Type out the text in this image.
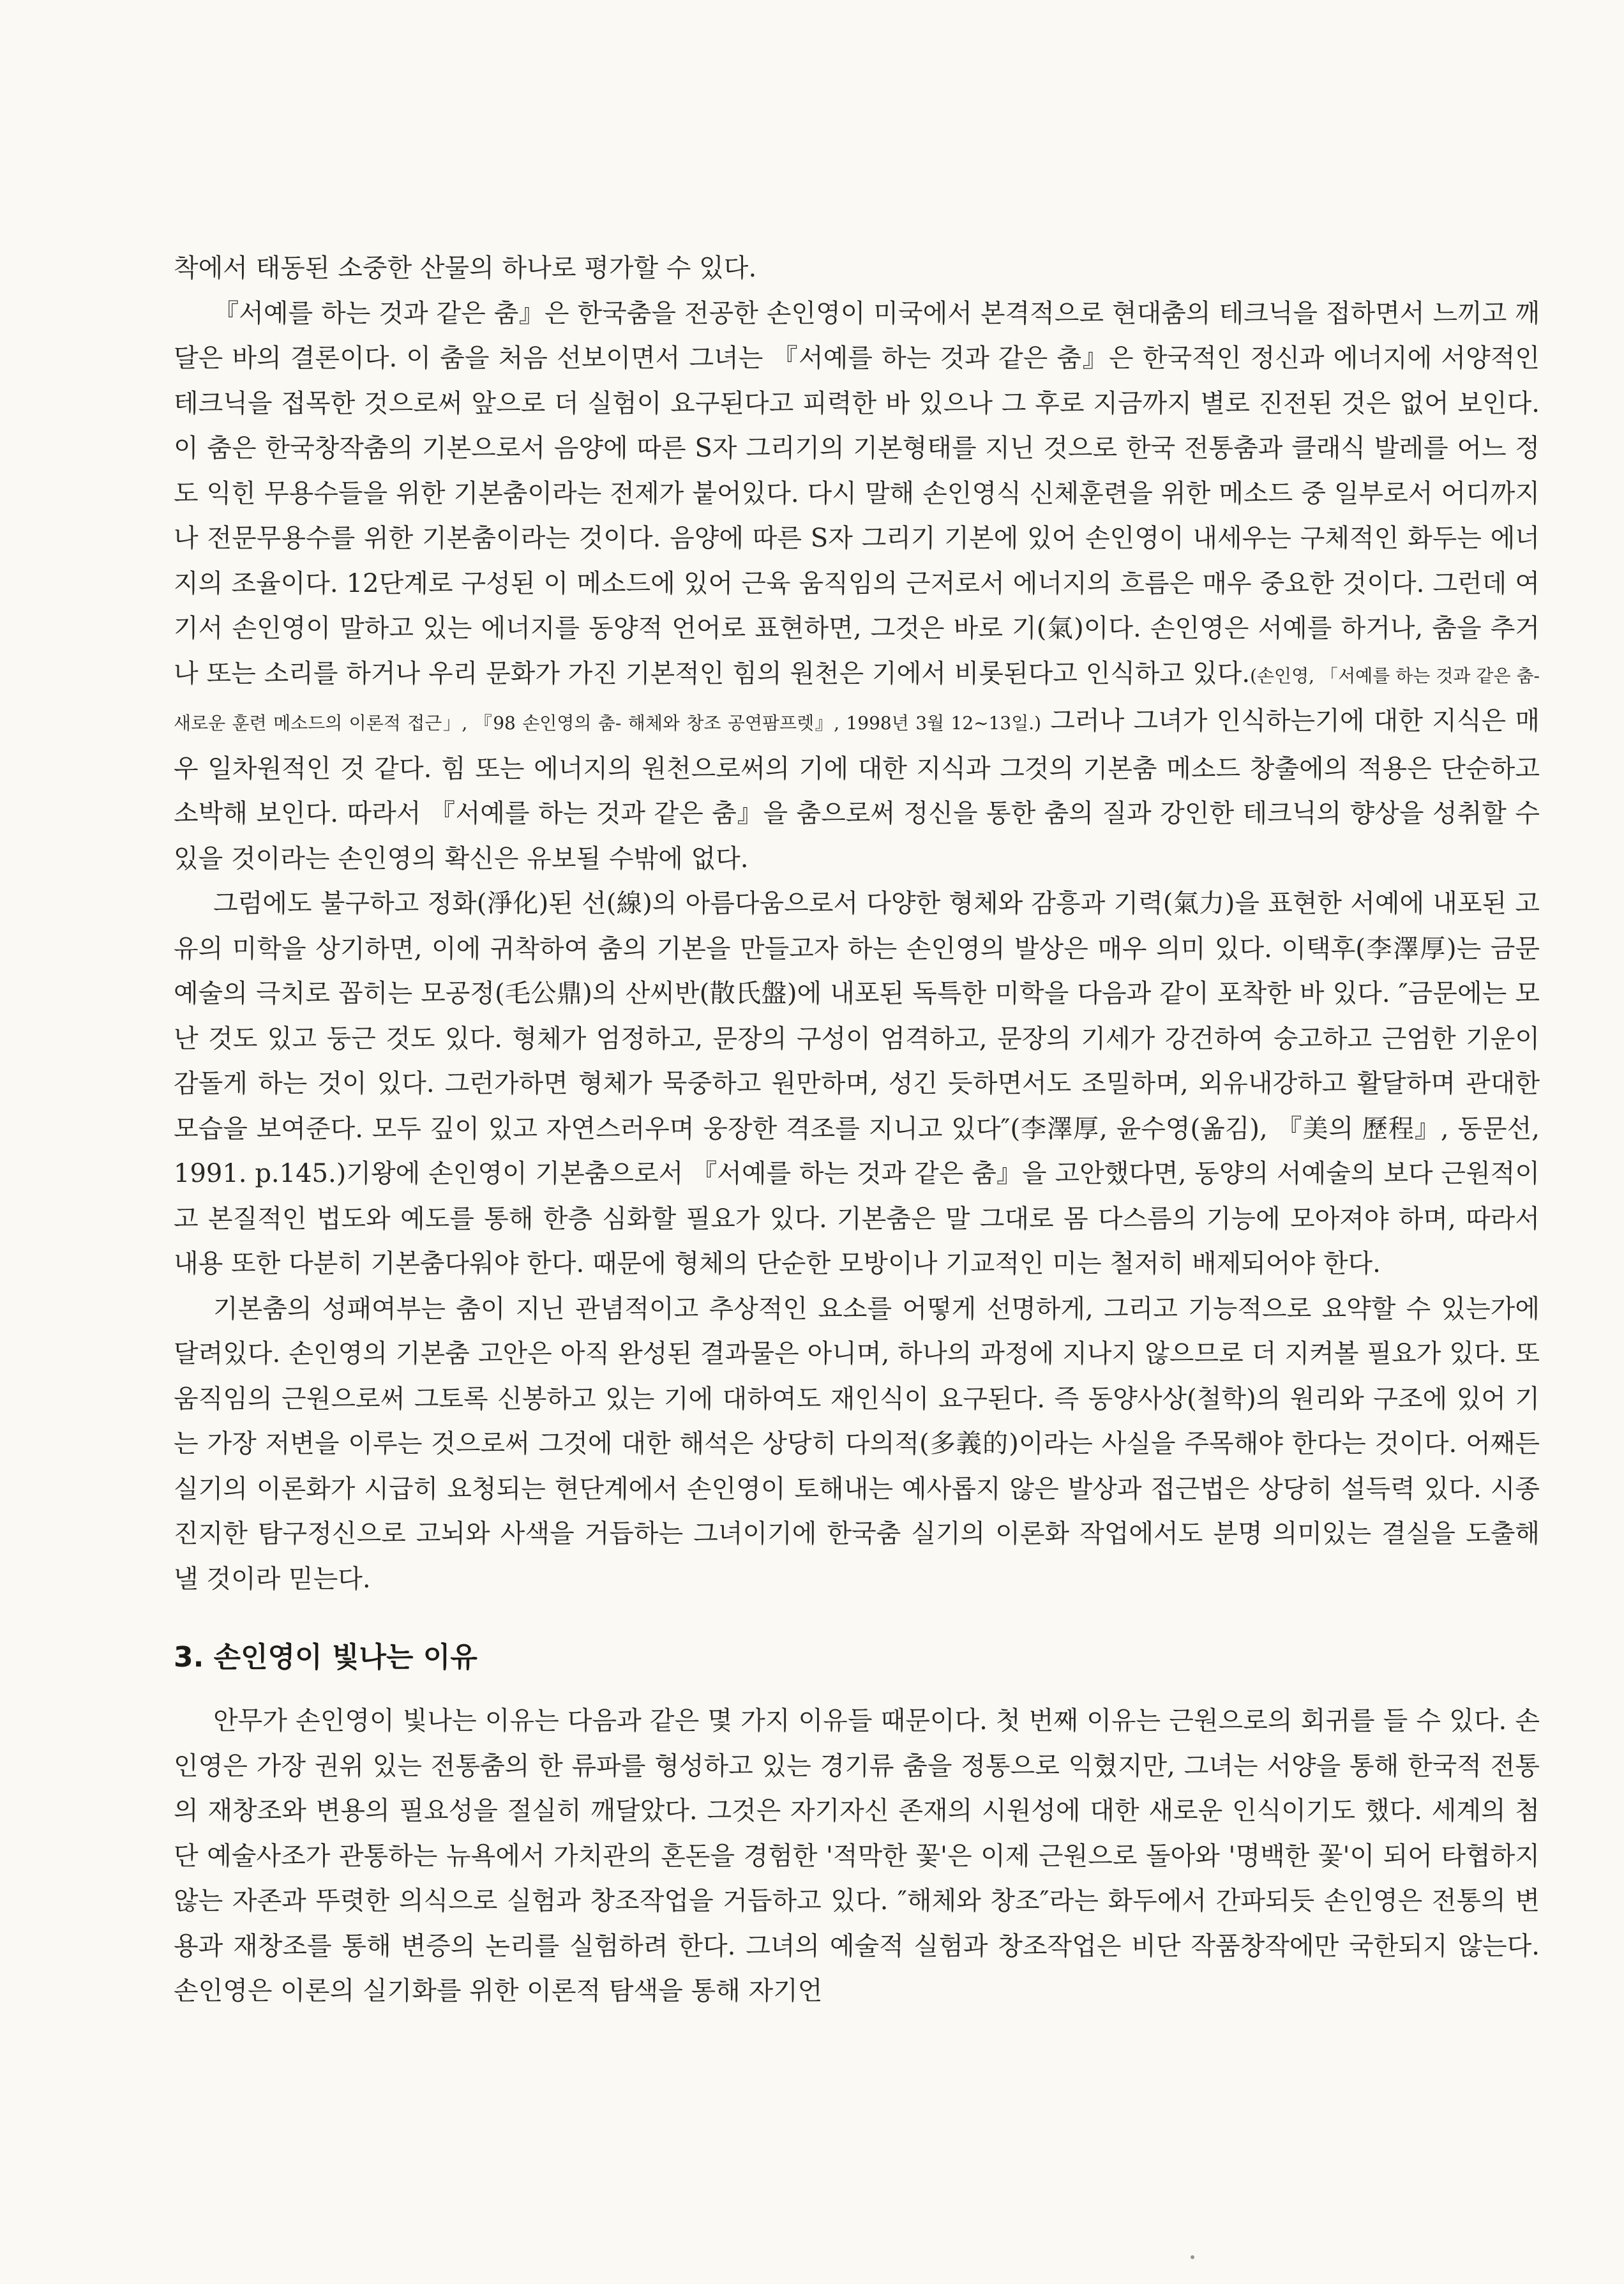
착에서 태동된 소중한 산물의 하나로 평가할 수 있다.

『서예를 하는 것과 같은 춤』은 한국춤을 전공한 손인영이 미국에서 본격적으로 현대춤의 테크닉을 접하면서 느끼고 깨달은 바의 결론이다. 이 춤을 처음 선보이면서 그녀는 『서예를 하는 것과 같은 춤』은 한국적인 정신과 에너지에 서양적인 테크닉을 접목한 것으로써 앞으로 더 실험이 요구된다고 피력한 바 있으나 그 후로 지금까지 별로 진전된 것은 없어 보인다. 이 춤은 한국창작춤의 기본으로서 음양에 따른 S자 그리기의 기본형태를 지닌 것으로 한국 전통춤과 클래식 발레를 어느 정도 익힌 무용수들을 위한 기본춤이라는 전제가 붙어있다. 다시 말해 손인영식 신체훈련을 위한 메소드 중 일부로서 어디까지나 전문무용수를 위한 기본춤이라는 것이다. 음양에 따른 S자 그리기 기본에 있어 손인영이 내세우는 구체적인 화두는 에너지의 조율이다. 12단계로 구성된 이 메소드에 있어 근육 움직임의 근저로서 에너지의 흐름은 매우 중요한 것이다. 그런데 여기서 손인영이 말하고 있는 에너지를 동양적 언어로 표현하면, 그것은 바로 기(氣)이다. 손인영은 서예를 하거나, 춤을 추거나 또는 소리를 하거나 우리 문화가 가진 기본적인 힘의 원천은 기에서 비롯된다고 인식하고 있다.(손인영, 「서예를 하는 것과 같은 춤-새로운 훈련 메소드의 이론적 접근」, 『98 손인영의 춤- 해체와 창조 공연팜프렛』, 1998년 3월 12~13일.) 그러나 그녀가 인식하는기에 대한 지식은 매우 일차원적인 것 같다. 힘 또는 에너지의 원천으로써의 기에 대한 지식과 그것의 기본춤 메소드 창출에의 적용은 단순하고 소박해 보인다. 따라서 『서예를 하는 것과 같은 춤』을 춤으로써 정신을 통한 춤의 질과 강인한 테크닉의 향상을 성취할 수 있을 것이라는 손인영의 확신은 유보될 수밖에 없다.

그럼에도 불구하고 정화(淨化)된 선(線)의 아름다움으로서 다양한 형체와 감흥과 기력(氣力)을 표현한 서예에 내포된 고유의 미학을 상기하면, 이에 귀착하여 춤의 기본을 만들고자 하는 손인영의 발상은 매우 의미 있다. 이택후(李澤厚)는 금문예술의 극치로 꼽히는 모공정(毛公鼎)의 산씨반(散氏盤)에 내포된 독특한 미학을 다음과 같이 포착한 바 있다. ″금문에는 모난 것도 있고 둥근 것도 있다. 형체가 엄정하고, 문장의 구성이 엄격하고, 문장의 기세가 강건하여 숭고하고 근엄한 기운이 감돌게 하는 것이 있다. 그런가하면 형체가 묵중하고 원만하며, 성긴 듯하면서도 조밀하며, 외유내강하고 활달하며 관대한 모습을 보여준다. 모두 깊이 있고 자연스러우며 웅장한 격조를 지니고 있다″(李澤厚, 윤수영(옮김), 『美의 歷程』, 동문선, 1991. p.145.)기왕에 손인영이 기본춤으로서 『서예를 하는 것과 같은 춤』을 고안했다면, 동양의 서예술의 보다 근원적이고 본질적인 법도와 예도를 통해 한층 심화할 필요가 있다. 기본춤은 말 그대로 몸 다스름의 기능에 모아져야 하며, 따라서 내용 또한 다분히 기본춤다워야 한다. 때문에 형체의 단순한 모방이나 기교적인 미는 철저히 배제되어야 한다.

기본춤의 성패여부는 춤이 지닌 관념적이고 추상적인 요소를 어떻게 선명하게, 그리고 기능적으로 요약할 수 있는가에 달려있다. 손인영의 기본춤 고안은 아직 완성된 결과물은 아니며, 하나의 과정에 지나지 않으므로 더 지켜볼 필요가 있다. 또 움직임의 근원으로써 그토록 신봉하고 있는 기에 대하여도 재인식이 요구된다. 즉 동양사상(철학)의 원리와 구조에 있어 기는 가장 저변을 이루는 것으로써 그것에 대한 해석은 상당히 다의적(多義的)이라는 사실을 주목해야 한다는 것이다. 어째든 실기의 이론화가 시급히 요청되는 현단계에서 손인영이 토해내는 예사롭지 않은 발상과 접근법은 상당히 설득력 있다. 시종 진지한 탐구정신으로 고뇌와 사색을 거듭하는 그녀이기에 한국춤 실기의 이론화 작업에서도 분명 의미있는 결실을 도출해 낼 것이라 믿는다.

3. 손인영이 빛나는 이유

안무가 손인영이 빛나는 이유는 다음과 같은 몇 가지 이유들 때문이다. 첫 번째 이유는 근원으로의 회귀를 들 수 있다. 손인영은 가장 권위 있는 전통춤의 한 류파를 형성하고 있는 경기류 춤을 정통으로 익혔지만, 그녀는 서양을 통해 한국적 전통의 재창조와 변용의 필요성을 절실히 깨달았다. 그것은 자기자신 존재의 시원성에 대한 새로운 인식이기도 했다. 세계의 첨단 예술사조가 관통하는 뉴욕에서 가치관의 혼돈을 경험한 '적막한 꽃'은 이제 근원으로 돌아와 '명백한 꽃'이 되어 타협하지 않는 자존과 뚜렷한 의식으로 실험과 창조작업을 거듭하고 있다. ″해체와 창조″라는 화두에서 간파되듯 손인영은 전통의 변용과 재창조를 통해 변증의 논리를 실험하려 한다. 그녀의 예술적 실험과 창조작업은 비단 작품창작에만 국한되지 않는다. 손인영은 이론의 실기화를 위한 이론적 탐색을 통해 자기언
